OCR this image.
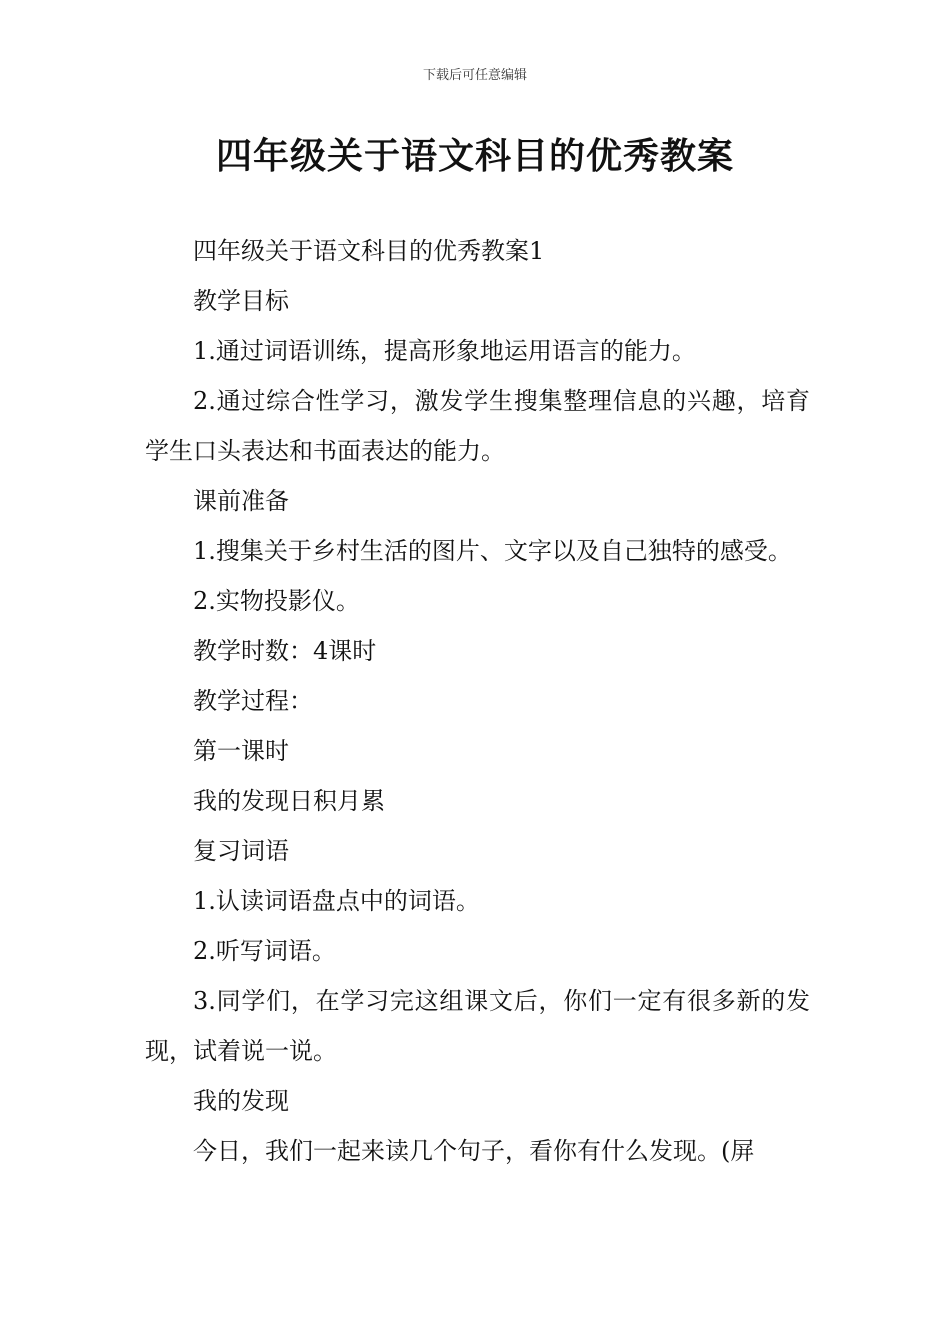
下载后可任意编辑
四年级关于语文科目的优秀教案

四年级关于语文科目的优秀教案1

教学目标

1.通过词语训练，提高形象地运用语言的能力。

2.通过综合性学习，激发学生搜集整理信息的兴趣，培育学生口头表达和书面表达的能力。

课前准备

1.搜集关于乡村生活的图片、文字以及自己独特的感受。

2.实物投影仪。

教学时数：4课时

教学过程：

第一课时

我的发现日积月累

复习词语

1.认读词语盘点中的词语。

2.听写词语。

3.同学们，在学习完这组课文后，你们一定有很多新的发现，试着说一说。

我的发现

今日，我们一起来读几个句子，看你有什么发现。(屏
